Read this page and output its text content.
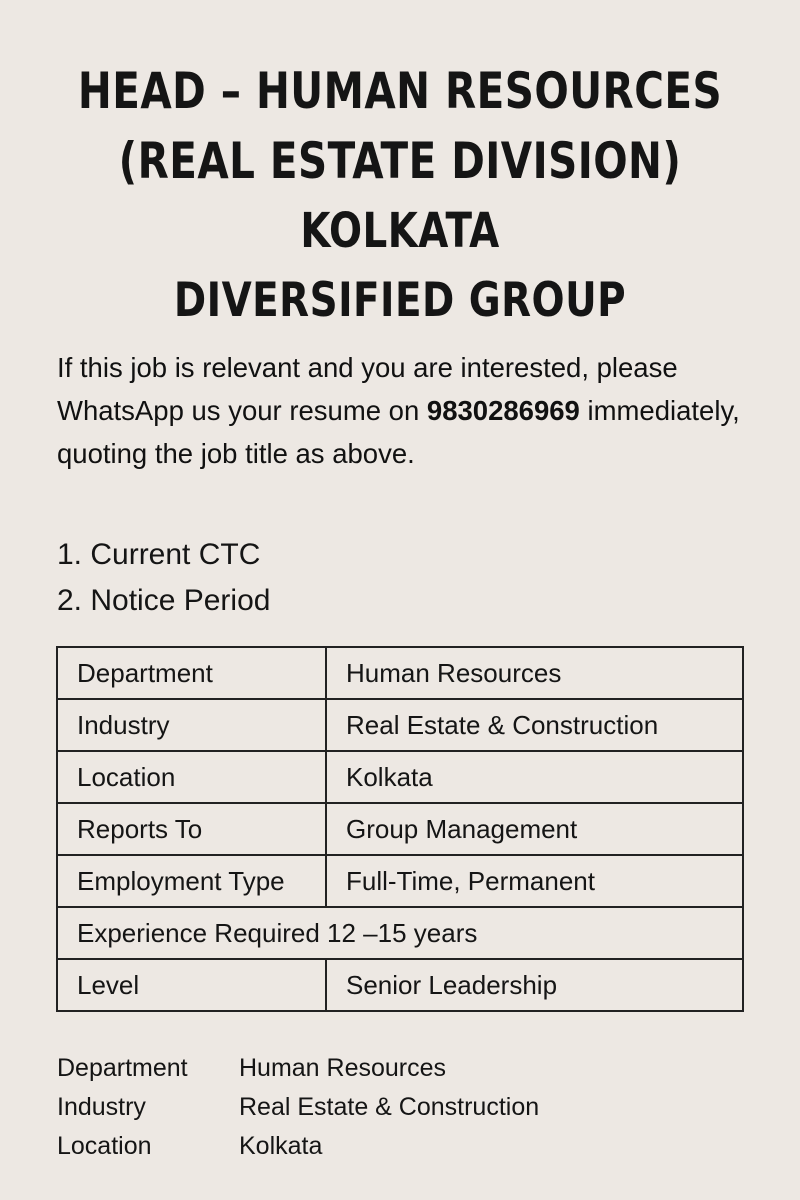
HEAD – HUMAN RESOURCES

(REAL ESTATE DIVISION)

KOLKATA

DIVERSIFIED GROUP

If this job is relevant and you are interested, please WhatsApp us your resume on 9830286969 immediately, quoting the job title as above.
1. Current CTC
2. Notice Period
Department	Human Resources
Industry	Real Estate & Construction
Location	Kolkata
Reports To	Group Management
Employment Type	Full-Time, Permanent
Experience Required 12 –15 years	
Level	Senior Leadership
Department	Human Resources
Industry	Real Estate & Construction
Location	Kolkata
